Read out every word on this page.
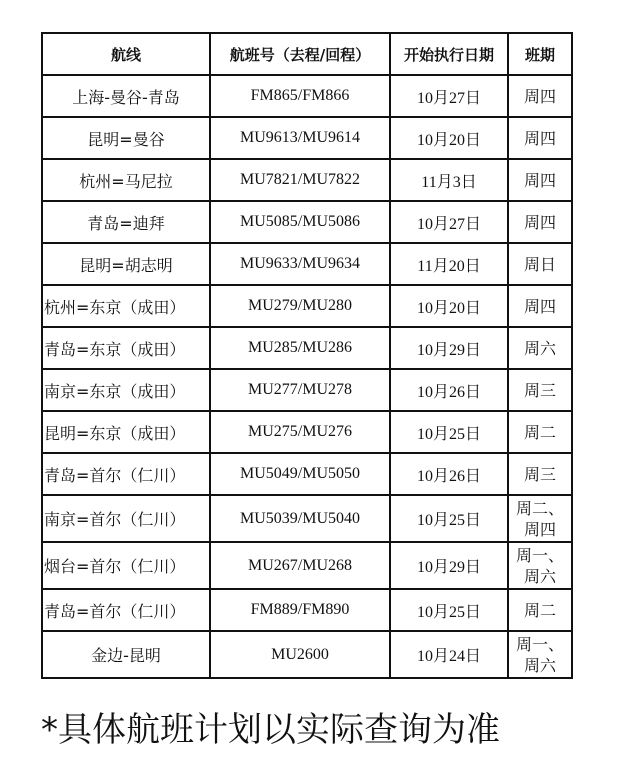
航线	航班号（去程/回程）	开始执行日期	班期
上海-曼谷-青岛	FM865/FM866	10月27日	周四
昆明=曼谷	MU9613/MU9614	10月20日	周四
杭州=马尼拉	MU7821/MU7822	11月3日	周四
青岛=迪拜	MU5085/MU5086	10月27日	周四
昆明=胡志明	MU9633/MU9634	11月20日	周日
杭州=东京（成田）	MU279/MU280	10月20日	周四
青岛=东京（成田）	MU285/MU286	10月29日	周六
南京=东京（成田）	MU277/MU278	10月26日	周三
昆明=东京（成田）	MU275/MU276	10月25日	周二
青岛=首尔（仁川）	MU5049/MU5050	10月26日	周三
南京=首尔（仁川）	MU5039/MU5040	10月25日	周二、周四
烟台=首尔（仁川）	MU267/MU268	10月29日	周一、周六
青岛=首尔（仁川）	FM889/FM890	10月25日	周二
金边-昆明	MU2600	10月24日	周一、周六
*具体航班计划以实际查询为准
